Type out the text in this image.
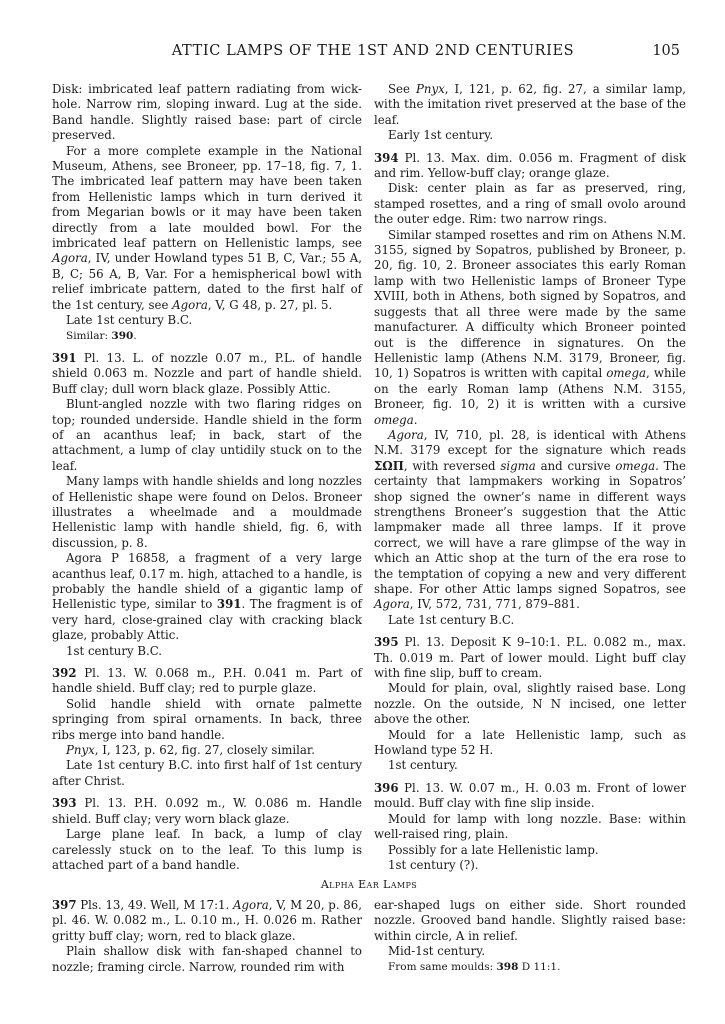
ATTIC LAMPS OF THE 1ST AND 2ND CENTURIES	105

Disk: imbricated leaf pattern radiating from wick-hole. Narrow rim, sloping inward. Lug at the side. Band handle. Slightly raised base: part of circle preserved.

For a more complete example in the National Museum, Athens, see Broneer, pp. 17–18, fig. 7, 1. The imbricated leaf pattern may have been taken from Hellenistic lamps which in turn derived it from Megarian bowls or it may have been taken directly from a late moulded bowl. For the imbricated leaf pattern on Hellenistic lamps, see Agora, IV, under Howland types 51 B, C, Var.; 55 A, B, C; 56 A, B, Var. For a hemispherical bowl with relief imbricate pattern, dated to the first half of the 1st century, see Agora, V, G 48, p. 27, pl. 5.

Late 1st century B.C.

Similar: 390.

391 Pl. 13. L. of nozzle 0.07 m., P.L. of handle shield 0.063 m. Nozzle and part of handle shield. Buff clay; dull worn black glaze. Possibly Attic.

Blunt-angled nozzle with two flaring ridges on top; rounded underside. Handle shield in the form of an acanthus leaf; in back, start of the attachment, a lump of clay untidily stuck on to the leaf.

Many lamps with handle shields and long nozzles of Hellenistic shape were found on Delos. Broneer illustrates a wheelmade and a mouldmade Hellenistic lamp with handle shield, fig. 6, with discussion, p. 8.

Agora P 16858, a fragment of a very large acanthus leaf, 0.17 m. high, attached to a handle, is probably the handle shield of a gigantic lamp of Hellenistic type, similar to 391. The fragment is of very hard, close-grained clay with cracking black glaze, probably Attic.

1st century B.C.

392 Pl. 13. W. 0.068 m., P.H. 0.041 m. Part of handle shield. Buff clay; red to purple glaze.

Solid handle shield with ornate palmette springing from spiral ornaments. In back, three ribs merge into band handle.

Pnyx, I, 123, p. 62, fig. 27, closely similar.

Late 1st century B.C. into first half of 1st century after Christ.

393 Pl. 13. P.H. 0.092 m., W. 0.086 m. Handle shield. Buff clay; very worn black glaze.

Large plane leaf. In back, a lump of clay carelessly stuck on to the leaf. To this lump is attached part of a band handle.

See Pnyx, I, 121, p. 62, fig. 27, a similar lamp, with the imitation rivet preserved at the base of the leaf.

Early 1st century.

394 Pl. 13. Max. dim. 0.056 m. Fragment of disk and rim. Yellow-buff clay; orange glaze.

Disk: center plain as far as preserved, ring, stamped rosettes, and a ring of small ovolo around the outer edge. Rim: two narrow rings.

Similar stamped rosettes and rim on Athens N.M. 3155, signed by Sopatros, published by Broneer, p. 20, fig. 10, 2. Broneer associates this early Roman lamp with two Hellenistic lamps of Broneer Type XVIII, both in Athens, both signed by Sopatros, and suggests that all three were made by the same manufacturer. A difficulty which Broneer pointed out is the difference in signatures. On the Hellenistic lamp (Athens N.M. 3179, Broneer, fig. 10, 1) Sopatros is written with capital omega, while on the early Roman lamp (Athens N.M. 3155, Broneer, fig. 10, 2) it is written with a cursive omega.

Agora, IV, 710, pl. 28, is identical with Athens N.M. 3179 except for the signature which reads ΣΩΠ, with reversed sigma and cursive omega. The certainty that lampmakers working in Sopatros’ shop signed the owner’s name in different ways strengthens Broneer’s suggestion that the Attic lampmaker made all three lamps. If it prove correct, we will have a rare glimpse of the way in which an Attic shop at the turn of the era rose to the temptation of copying a new and very different shape. For other Attic lamps signed Sopatros, see Agora, IV, 572, 731, 771, 879–881.

Late 1st century B.C.

395 Pl. 13. Deposit K 9–10:1. P.L. 0.082 m., max. Th. 0.019 m. Part of lower mould. Light buff clay with fine slip, buff to cream.

Mould for plain, oval, slightly raised base. Long nozzle. On the outside, N N incised, one letter above the other.

Mould for a late Hellenistic lamp, such as Howland type 52 H.

1st century.

396 Pl. 13. W. 0.07 m., H. 0.03 m. Front of lower mould. Buff clay with fine slip inside.

Mould for lamp with long nozzle. Base: within well-raised ring, plain.

Possibly for a late Hellenistic lamp.

1st century (?).

Alpha Ear Lamps

397 Pls. 13, 49. Well, M 17:1. Agora, V, M 20, p. 86, pl. 46. W. 0.082 m., L. 0.10 m., H. 0.026 m. Rather gritty buff clay; worn, red to black glaze.

Plain shallow disk with fan-shaped channel to nozzle; framing circle. Narrow, rounded rim with

ear-shaped lugs on either side. Short rounded nozzle. Grooved band handle. Slightly raised base: within circle, A in relief.

Mid-1st century.

From same moulds: 398 D 11:1.
